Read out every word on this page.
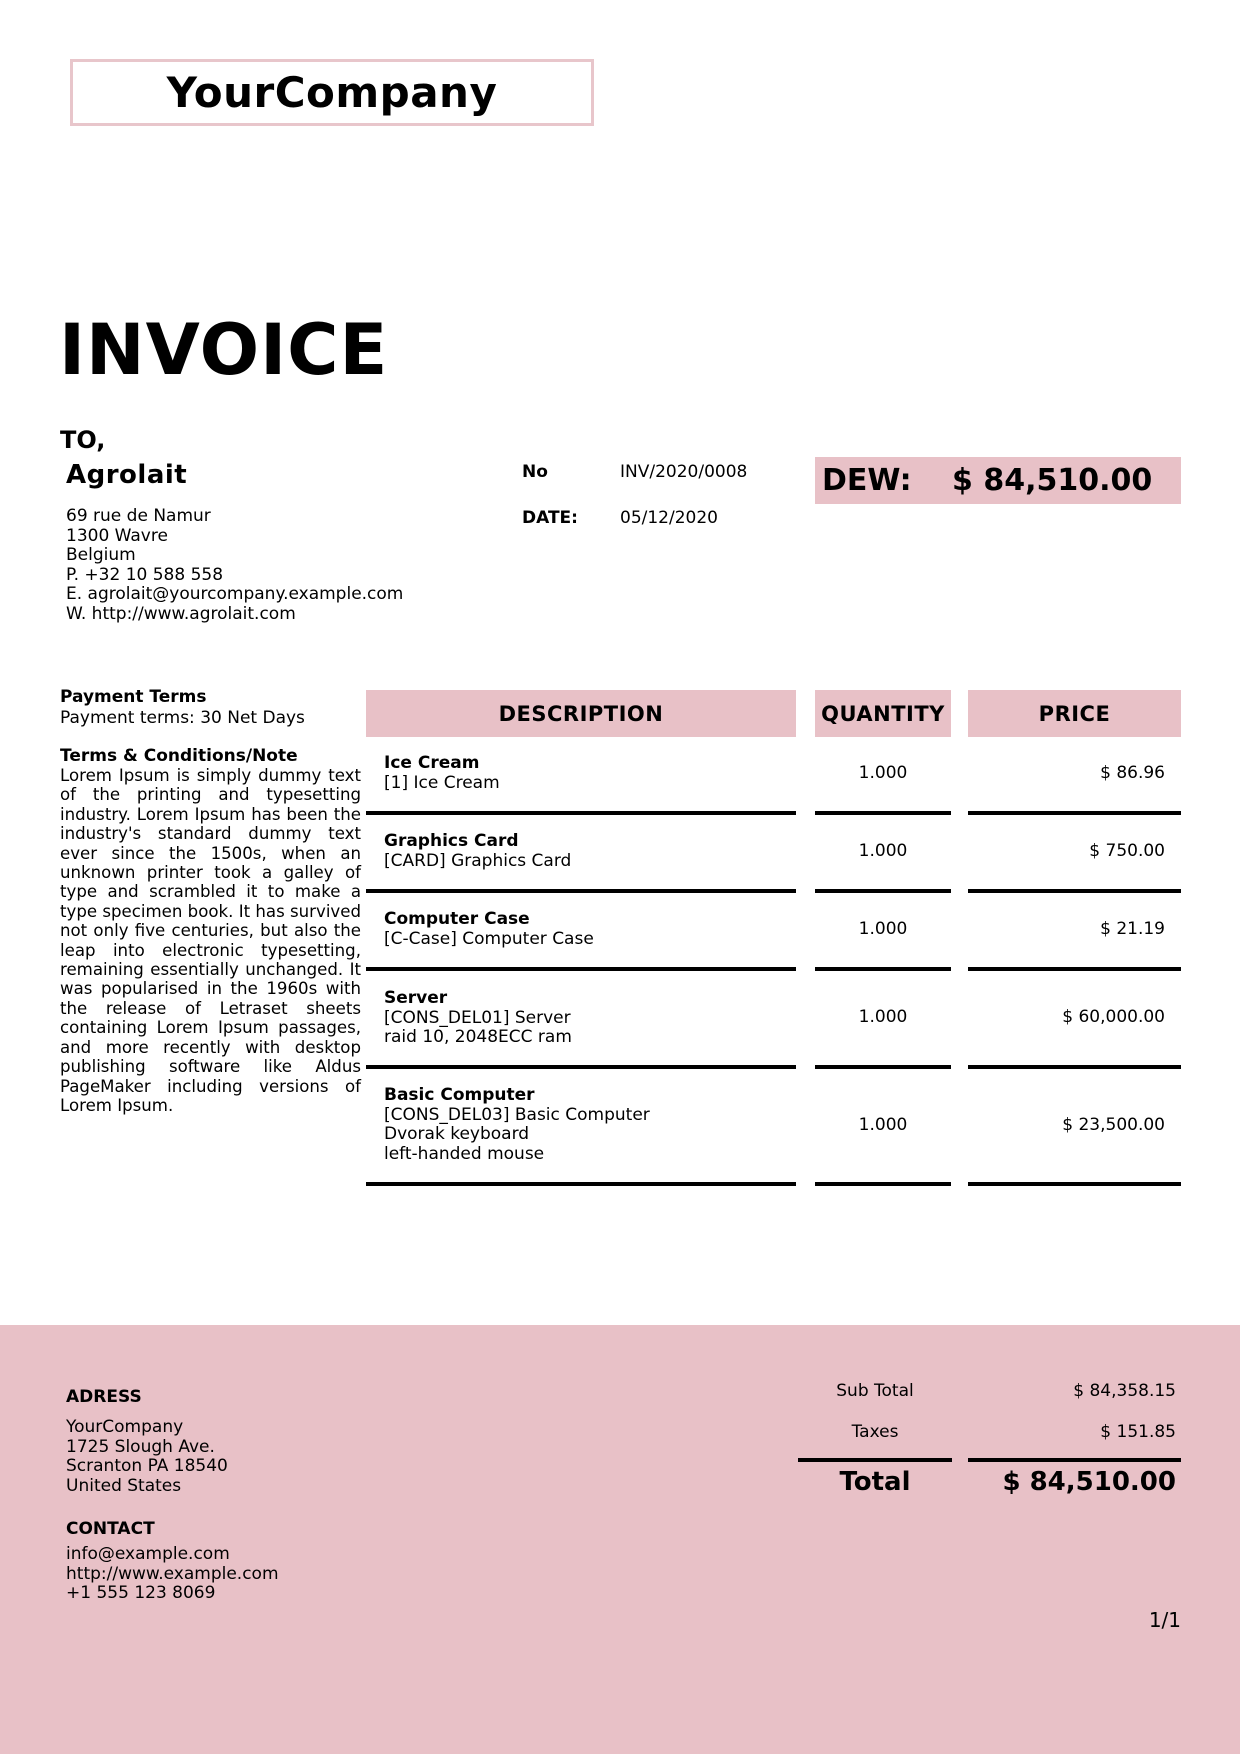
YourCompany
INVOICE
TO,
Agrolait
69 rue de Namur
1300 Wavre
Belgium
P. +32 10 588 558
E. agrolait@yourcompany.example.com
W. http://www.agrolait.com
No	INV/2020/0008
DATE: 05/12/2020
DEW:	$ 84,510.00
Payment Terms
Payment terms: 30 Net Days
Terms & Conditions/Note
Lorem Ipsum is simply dummy text of the printing and typesetting industry. Lorem Ipsum has been the industry's standard dummy text ever since the 1500s, when an unknown printer took a galley of type and scrambled it to make a type specimen book. It has survived not only five centuries, but also the leap into electronic typesetting, remaining essentially unchanged. It was popularised in the 1960s with the release of Letraset sheets containing Lorem Ipsum passages, and more recently with desktop publishing software like Aldus PageMaker including versions of Lorem Ipsum.
DESCRIPTION	QUANTITY	PRICE
Ice Cream
[1] Ice Cream	1.000	$ 86.96
Graphics Card
[CARD] Graphics Card	1.000	$ 750.00
Computer Case
[C-Case] Computer Case	1.000	$ 21.19
Server
[CONS_DEL01] Server
raid 10, 2048ECC ram
1.000	$ 60,000.00
Basic Computer
[CONS_DEL03] Basic Computer
Dvorak keyboard
left-handed mouse
1.000	$ 23,500.00
ADRESS
YourCompany
1725 Slough Ave.
Scranton PA 18540
United States
CONTACT
info@example.com
http://www.example.com
+1 555 123 8069
Sub Total	$ 84,358.15
Taxes	$ 151.85
Total	$ 84,510.00
1/1
